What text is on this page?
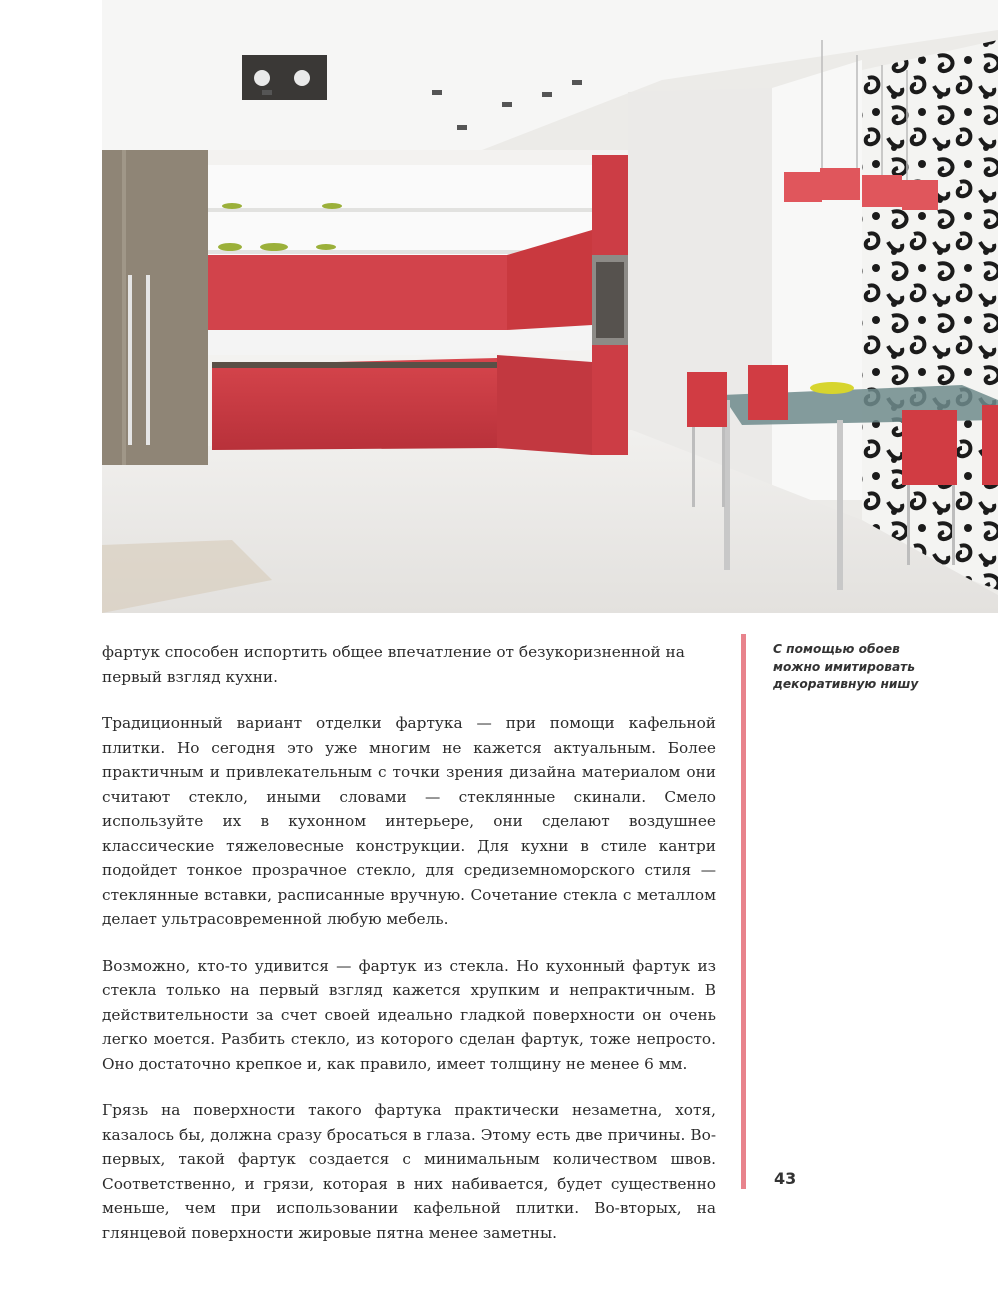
фартук способен испортить общее впечатление от безукоризненной на первый взгляд кухни.

Традиционный вариант отделки фартука — при помощи кафельной плитки. Но сегодня это уже многим не кажется актуальным. Более практичным и привлекательным с точки зрения дизайна материалом они считают стекло, иными словами — стеклянные скинали. Смело используйте их в кухонном интерьере, они сделают воздушнее классические тяжеловесные конструкции. Для кухни в стиле кантри подойдет тонкое прозрачное стекло, для средиземноморского стиля — стеклянные вставки, расписанные вручную. Сочетание стекла с металлом делает ультрасовременной любую мебель.

Возможно, кто-то удивится — фартук из стекла. Но кухонный фартук из стекла только на первый взгляд кажется хрупким и непрактичным. В действительности за счет своей идеально гладкой поверхности он очень легко моется. Разбить стекло, из которого сделан фартук, тоже непросто. Оно достаточно крепкое и, как правило, имеет толщину не менее 6 мм.

Грязь на поверхности такого фартука практически незаметна, хотя, казалось бы, должна сразу бросаться в глаза. Этому есть две причины. Во-первых, такой фартук создается с минимальным количеством швов. Соответственно, и грязи, которая в них набивается, будет существенно меньше, чем при использовании кафельной плитки. Во-вторых, на глянцевой поверхности жировые пятна менее заметны.

С помощью обоев
можно имитировать
декоративную нишу
43
